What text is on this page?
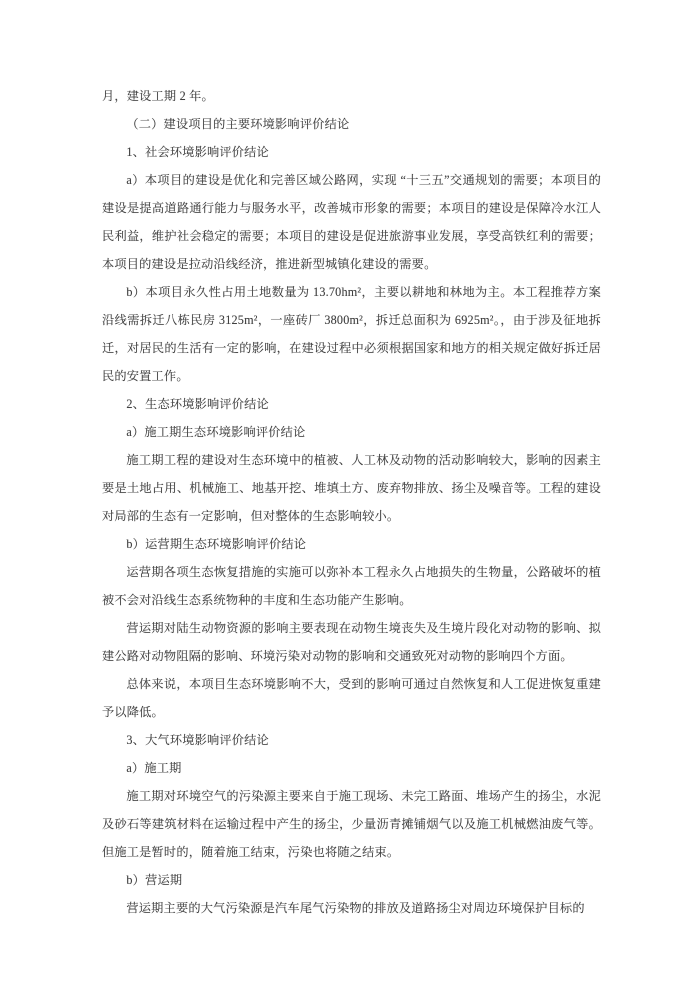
月，建设工期 2 年。

（二）建设项目的主要环境影响评价结论

1、社会环境影响评价结论

a）本项目的建设是优化和完善区域公路网，实现 “十三五”交通规划的需要；本项目的建设是提高道路通行能力与服务水平，改善城市形象的需要；本项目的建设是保障冷水江人民利益，维护社会稳定的需要；本项目的建设是促进旅游事业发展，享受高铁红利的需要；本项目的建设是拉动沿线经济，推进新型城镇化建设的需要。

b）本项目永久性占用土地数量为 13.70hm²，主要以耕地和林地为主。本工程推荐方案沿线需拆迁八栋民房 3125m²，一座砖厂 3800m²，拆迁总面积为 6925m²。，由于涉及征地拆迁，对居民的生活有一定的影响，在建设过程中必须根据国家和地方的相关规定做好拆迁居民的安置工作。

2、生态环境影响评价结论

a）施工期生态环境影响评价结论

施工期工程的建设对生态环境中的植被、人工林及动物的活动影响较大，影响的因素主要是土地占用、机械施工、地基开挖、堆填土方、废弃物排放、扬尘及噪音等。工程的建设对局部的生态有一定影响，但对整体的生态影响较小。

b）运营期生态环境影响评价结论

运营期各项生态恢复措施的实施可以弥补本工程永久占地损失的生物量，公路破坏的植被不会对沿线生态系统物种的丰度和生态功能产生影响。

营运期对陆生动物资源的影响主要表现在动物生境丧失及生境片段化对动物的影响、拟建公路对动物阻隔的影响、环境污染对动物的影响和交通致死对动物的影响四个方面。

总体来说，本项目生态环境影响不大，受到的影响可通过自然恢复和人工促进恢复重建予以降低。

3、大气环境影响评价结论

a）施工期

施工期对环境空气的污染源主要来自于施工现场、未完工路面、堆场产生的扬尘，水泥及砂石等建筑材料在运输过程中产生的扬尘，少量沥青摊铺烟气以及施工机械燃油废气等。但施工是暂时的，随着施工结束，污染也将随之结束。

b）营运期

营运期主要的大气污染源是汽车尾气污染物的排放及道路扬尘对周边环境保护目标的
